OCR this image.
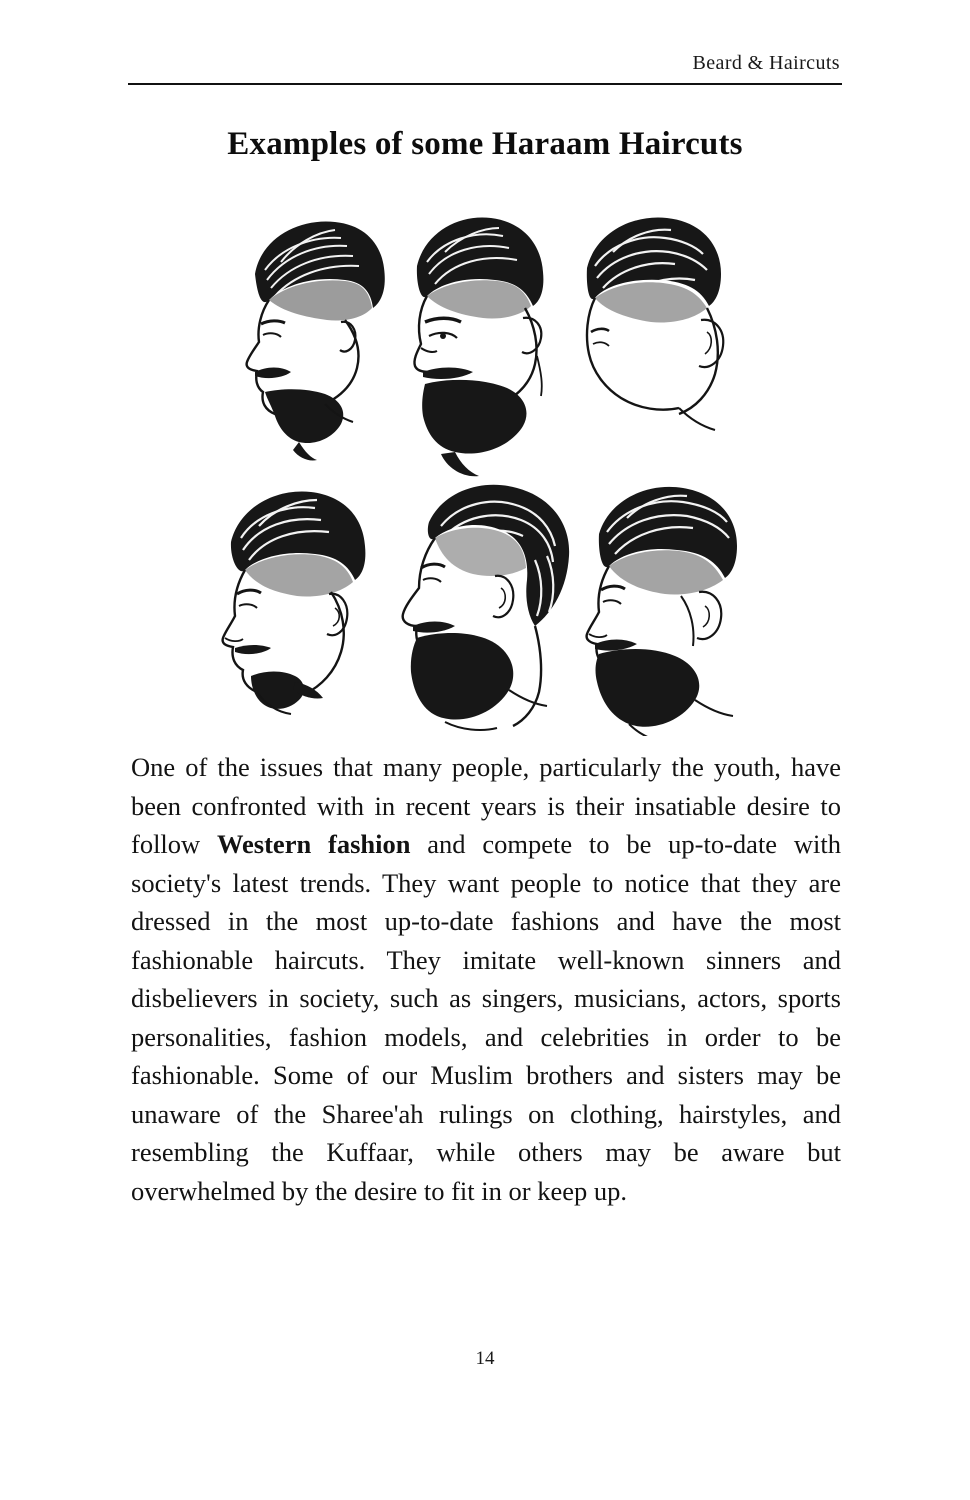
Beard & Haircuts
Examples of some Haraam Haircuts
One of the issues that many people, particularly the youth, have been confronted with in recent years is their insatiable desire to follow Western fashion and compete to be up-to-date with society's latest trends. They want people to notice that they are dressed in the most up-to-date fashions and have the most fashionable haircuts. They imitate well-known sinners and disbelievers in society, such as singers, musicians, actors, sports personalities, fashion models, and celebrities in order to be fashionable. Some of our Muslim brothers and sisters may be unaware of the Sharee'ah rulings on clothing, hairstyles, and resembling the Kuffaar, while others may be aware but overwhelmed by the desire to fit in or keep up.
14
